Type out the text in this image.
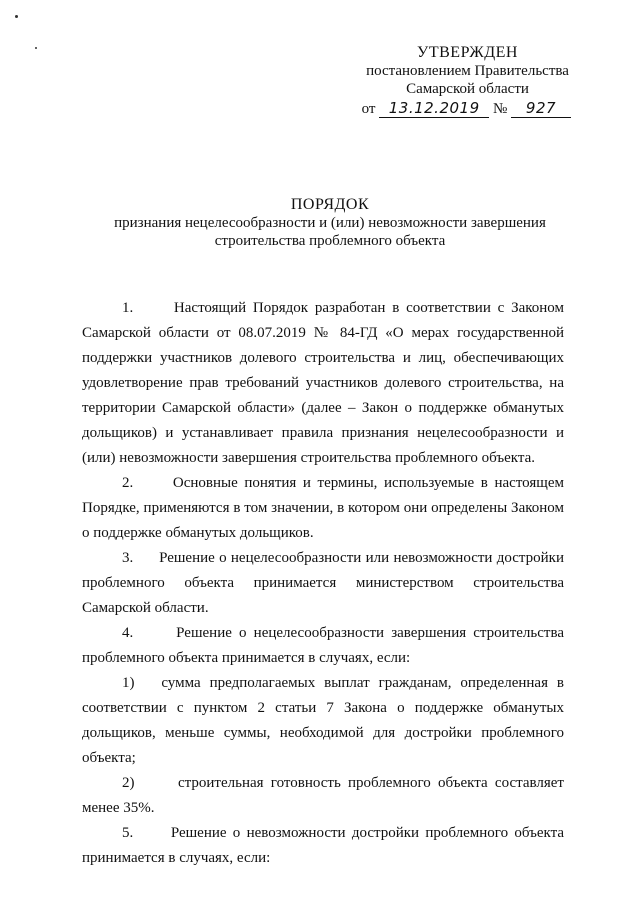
УТВЕРЖДЕН
постановлением Правительства
Самарской области
от 13.12.2019 № 927
ПОРЯДОК
признания нецелесообразности и (или) невозможности завершения
строительства проблемного объекта

1.      Настоящий Порядок разработан в соответствии с Законом Самарской области от 08.07.2019 № 84-ГД «О мерах государственной поддержки участников долевого строительства и лиц, обеспечивающих удовлетворение прав требований участников долевого строительства, на территории Самарской области» (далее – Закон о поддержке обманутых дольщиков) и устанавливает правила признания нецелесообразности и (или) невозможности завершения строительства проблемного объекта.

2.      Основные понятия и термины, используемые в настоящем Порядке, применяются в том значении, в котором они определены Законом о поддержке обманутых дольщиков.

3.      Решение о нецелесообразности или невозможности достройки проблемного объекта принимается министерством строительства Самарской области.

4.      Решение о нецелесообразности завершения строительства проблемного объекта принимается в случаях, если:

1)   сумма предполагаемых выплат гражданам, определенная в соответствии с пунктом 2 статьи 7 Закона о поддержке обманутых дольщиков, меньше суммы, необходимой для достройки проблемного объекта;

2)      строительная готовность проблемного объекта составляет менее 35%.

5.      Решение о невозможности достройки проблемного объекта принимается в случаях, если:
